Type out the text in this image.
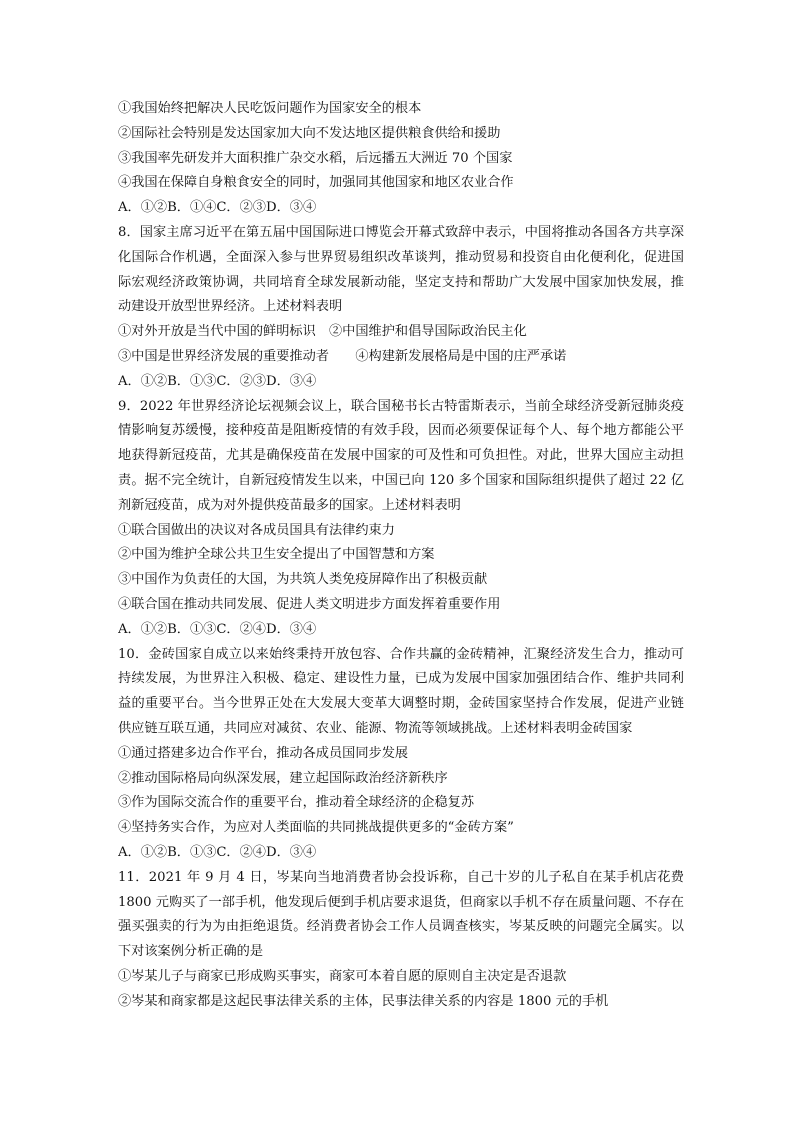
①我国始终把解决人民吃饭问题作为国家安全的根本
②国际社会特别是发达国家加大向不发达地区提供粮食供给和援助
③我国率先研发并大面积推广杂交水稻，后远播五大洲近 70 个国家
④我国在保障自身粮食安全的同时，加强同其他国家和地区农业合作
A．①②B．①④C．②③D．③④
8．国家主席习近平在第五届中国国际进口博览会开幕式致辞中表示，中国将推动各国各方共享深化国际合作机遇，全面深入参与世界贸易组织改革谈判，推动贸易和投资自由化便利化，促进国际宏观经济政策协调，共同培育全球发展新动能，坚定支持和帮助广大发展中国家加快发展，推动建设开放型世界经济。上述材料表明
①对外开放是当代中国的鲜明标识　②中国维护和倡导国际政治民主化
③中国是世界经济发展的重要推动者　　④构建新发展格局是中国的庄严承诺
A．①②B．①③C．②③D．③④
9．2022 年世界经济论坛视频会议上，联合国秘书长古特雷斯表示，当前全球经济受新冠肺炎疫情影响复苏缓慢，接种疫苗是阻断疫情的有效手段，因而必须要保证每个人、每个地方都能公平地获得新冠疫苗，尤其是确保疫苗在发展中国家的可及性和可负担性。对此，世界大国应主动担责。据不完全统计，自新冠疫情发生以来，中国已向 120 多个国家和国际组织提供了超过 22 亿剂新冠疫苗，成为对外提供疫苗最多的国家。上述材料表明
①联合国做出的决议对各成员国具有法律约束力
②中国为维护全球公共卫生安全提出了中国智慧和方案
③中国作为负责任的大国，为共筑人类免疫屏障作出了积极贡献
④联合国在推动共同发展、促进人类文明进步方面发挥着重要作用
A．①②B．①③C．②④D．③④
10．金砖国家自成立以来始终秉持开放包容、合作共赢的金砖精神，汇聚经济发生合力，推动可持续发展，为世界注入积极、稳定、建设性力量，已成为发展中国家加强团结合作、维护共同利益的重要平台。当今世界正处在大发展大变革大调整时期，金砖国家坚持合作发展，促进产业链供应链互联互通，共同应对减贫、农业、能源、物流等领域挑战。上述材料表明金砖国家
①通过搭建多边合作平台，推动各成员国同步发展
②推动国际格局向纵深发展，建立起国际政治经济新秩序
③作为国际交流合作的重要平台，推动着全球经济的企稳复苏
④坚持务实合作，为应对人类面临的共同挑战提供更多的“金砖方案”
A．①②B．①③C．②④D．③④
11．2021 年 9 月 4 日，岑某向当地消费者协会投诉称，自己十岁的儿子私自在某手机店花费 1800 元购买了一部手机，他发现后便到手机店要求退货，但商家以手机不存在质量问题、不存在强买强卖的行为为由拒绝退货。经消费者协会工作人员调查核实，岑某反映的问题完全属实。以下对该案例分析正确的是
①岑某儿子与商家已形成购买事实，商家可本着自愿的原则自主决定是否退款
②岑某和商家都是这起民事法律关系的主体，民事法律关系的内容是 1800 元的手机
